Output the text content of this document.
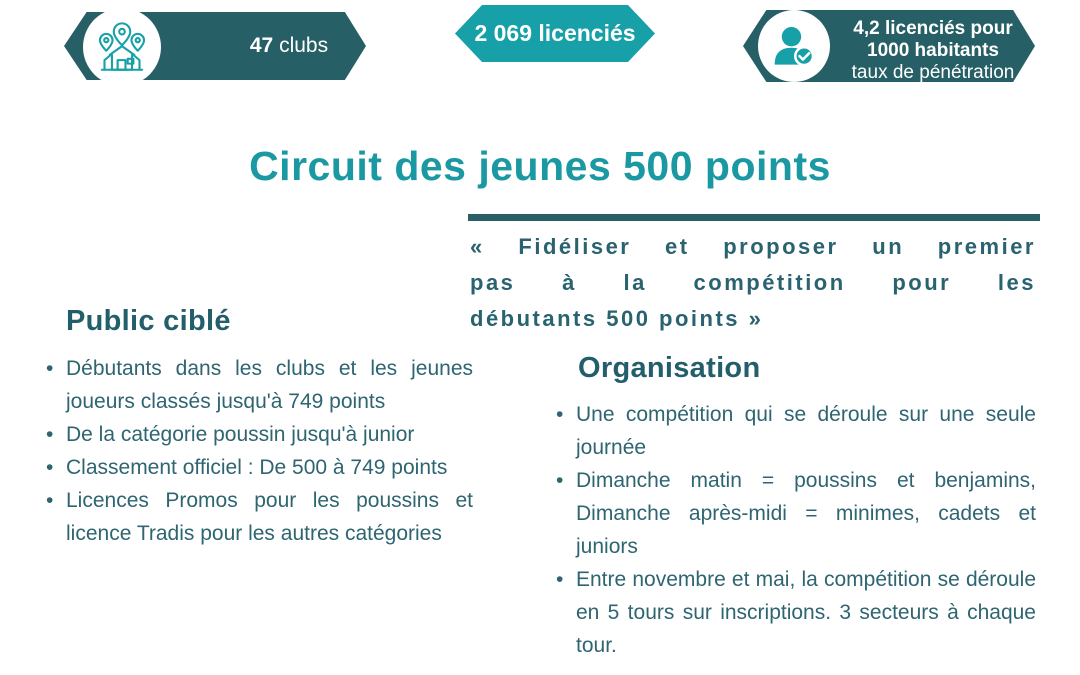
47 clubs	2 069 licenciés	4,2 licenciés pour
1000 habitants
taux de pénétration
Circuit des jeunes 500 points
« Fidéliser et proposer un premier
pas à la compétition pour les
débutants 500 points »
Public ciblé
• Débutants dans les clubs et les jeunes joueurs classés jusqu'à 749 points
• De la catégorie poussin jusqu'à junior
• Classement officiel : De 500 à 749 points
• Licences Promos pour les poussins et licence Tradis pour les autres catégories
Organisation
• Une compétition qui se déroule sur une seule journée
• Dimanche matin = poussins et benjamins, Dimanche après-midi = minimes, cadets et juniors
• Entre novembre et mai, la compétition se déroule en 5 tours sur inscriptions. 3 secteurs à chaque tour.
